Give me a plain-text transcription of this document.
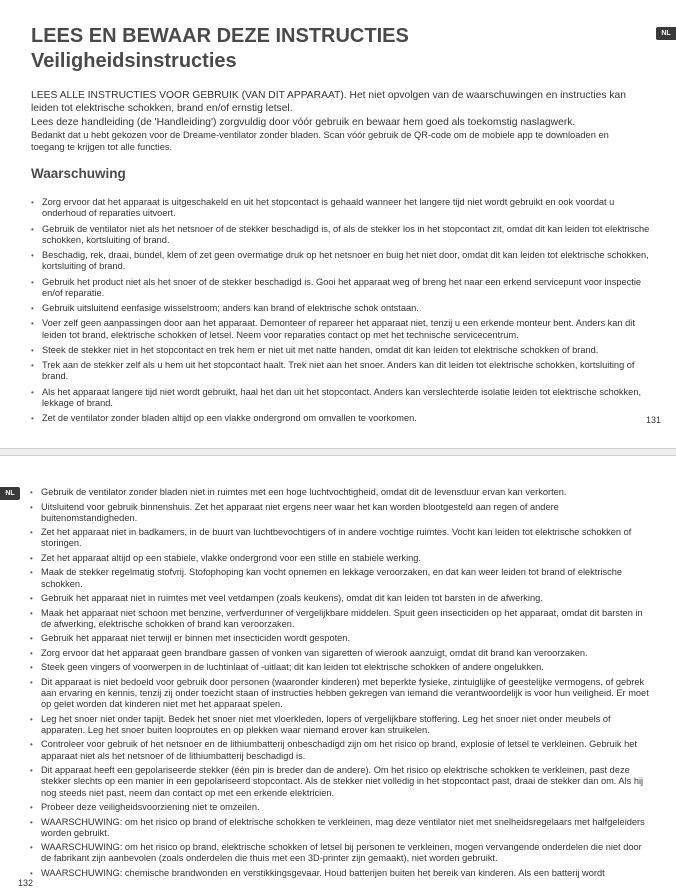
NL
LEES EN BEWAAR DEZE INSTRUCTIES
Veiligheidsinstructies

LEES ALLE INSTRUCTIES VOOR GEBRUIK (VAN DIT APPARAAT). Het niet opvolgen van de waarschuwingen en instructies kan leiden tot elektrische schokken, brand en/of ernstig letsel.

Lees deze handleiding (de 'Handleiding') zorgvuldig door vóór gebruik en bewaar hem goed als toekomstig naslagwerk.

Bedankt dat u hebt gekozen voor de Dreame-ventilator zonder bladen. Scan vóór gebruik de QR-code om de mobiele app te downloaden en toegang te krijgen tot alle functies.

Waarschuwing
• Zorg ervoor dat het apparaat is uitgeschakeld en uit het stopcontact is gehaald wanneer het langere tijd niet wordt gebruikt en ook voordat u onderhoud of reparaties uitvoert.
• Gebruik de ventilator niet als het netsnoer of de stekker beschadigd is, of als de stekker los in het stopcontact zit, omdat dit kan leiden tot elektrische schokken, kortsluiting of brand.
• Beschadig, rek, draai, bundel, klem of zet geen overmatige druk op het netsnoer en buig het niet door, omdat dit kan leiden tot elektrische schokken, kortsluiting of brand.
• Gebruik het product niet als het snoer of de stekker beschadigd is. Gooi het apparaat weg of breng het naar een erkend servicepunt voor inspectie en/of reparatie.
• Gebruik uitsluitend eenfasige wisselstroom; anders kan brand of elektrische schok ontstaan.
• Voer zelf geen aanpassingen door aan het apparaat. Demonteer of repareer het apparaat niet, tenzij u een erkende monteur bent. Anders kan dit leiden tot brand, elektrische schokken of letsel. Neem voor reparaties contact op met het technische servicecentrum.
• Steek de stekker niet in het stopcontact en trek hem er niet uit met natte handen, omdat dit kan leiden tot elektrische schokken of brand.
• Trek aan de stekker zelf als u hem uit het stopcontact haalt. Trek niet aan het snoer. Anders kan dit leiden tot elektrische schokken, kortsluiting of brand.
• Als het apparaat langere tijd niet wordt gebruikt, haal het dan uit het stopcontact. Anders kan verslechterde isolatie leiden tot elektrische schokken, lekkage of brand.
• Zet de ventilator zonder bladen altijd op een vlakke ondergrond om omvallen te voorkomen.	131
NL
•	Gebruik de ventilator zonder bladen niet in ruimtes met een hoge luchtvochtigheid, omdat dit de levensduur ervan kan verkorten.
• Uitsluitend voor gebruik binnenshuis. Zet het apparaat niet ergens neer waar het kan worden blootgesteld aan regen of andere buitenomstandigheden.
• Zet het apparaat niet in badkamers, in de buurt van luchtbevochtigers of in andere vochtige ruimtes. Vocht kan leiden tot elektrische schokken of storingen.
• Zet het apparaat altijd op een stabiele, vlakke ondergrond voor een stille en stabiele werking.
• Maak de stekker regelmatig stofvrij. Stofophoping kan vocht opnemen en lekkage veroorzaken, en dat kan weer leiden tot brand of elektrische schokken.
• Gebruik het apparaat niet in ruimtes met veel vetdampen (zoals keukens), omdat dit kan leiden tot barsten in de afwerking.
• Maak het apparaat niet schoon met benzine, verfverdunner of vergelijkbare middelen. Spuit geen insecticiden op het apparaat, omdat dit barsten in de afwerking, elektrische schokken of brand kan veroorzaken.
• Gebruik het apparaat niet terwijl er binnen met insecticiden wordt gespoten.
• Zorg ervoor dat het apparaat geen brandbare gassen of vonken van sigaretten of wierook aanzuigt, omdat dit brand kan veroorzaken.
• Steek geen vingers of voorwerpen in de luchtinlaat of -uitlaat; dit kan leiden tot elektrische schokken of andere ongelukken.
• Dit apparaat is niet bedoeld voor gebruik door personen (waaronder kinderen) met beperkte fysieke, zintuiglijke of geestelijke vermogens, of gebrek aan ervaring en kennis, tenzij zij onder toezicht staan of instructies hebben gekregen van iemand die verantwoordelijk is voor hun veiligheid. Er moet op gelet worden dat kinderen niet met het apparaat spelen.
• Leg het snoer niet onder tapijt. Bedek het snoer niet met vloerkleden, lopers of vergelijkbare stoffering. Leg het snoer niet onder meubels of apparaten. Leg het snoer buiten looproutes en op plekken waar niemand erover kan struikelen.
• Controleer voor gebruik of het netsnoer en de lithiumbatterij onbeschadigd zijn om het risico op brand, explosie of letsel te verkleinen. Gebruik het apparaat niet als het netsnoer of de lithiumbatterij beschadigd is.
• Dit apparaat heeft een gepolariseerde stekker (één pin is breder dan de andere). Om het risico op elektrische schokken te verkleinen, past deze stekker slechts op een manier in een gepolariseerd stopcontact. Als de stekker niet volledig in het stopcontact past, draai de stekker dan om. Als hij nog steeds niet past, neem dan contact op met een erkende elektricien.
• Probeer deze veiligheidsvoorziening niet te omzeilen.
• WAARSCHUWING: om het risico op brand of elektrische schokken te verkleinen, mag deze ventilator niet met snelheidsregelaars met halfgeleiders worden gebruikt.
• WAARSCHUWING: om het risico op brand, elektrische schokken of letsel bij personen te verkleinen, mogen vervangende onderdelen die niet door de fabrikant zijn aanbevolen (zoals onderdelen die thuis met een 3D-printer zijn gemaakt), niet worden gebruikt.
• WAARSCHUWING: chemische brandwonden en verstikkingsgevaar. Houd batterijen buiten het bereik van kinderen. Als een batterij wordt
132
